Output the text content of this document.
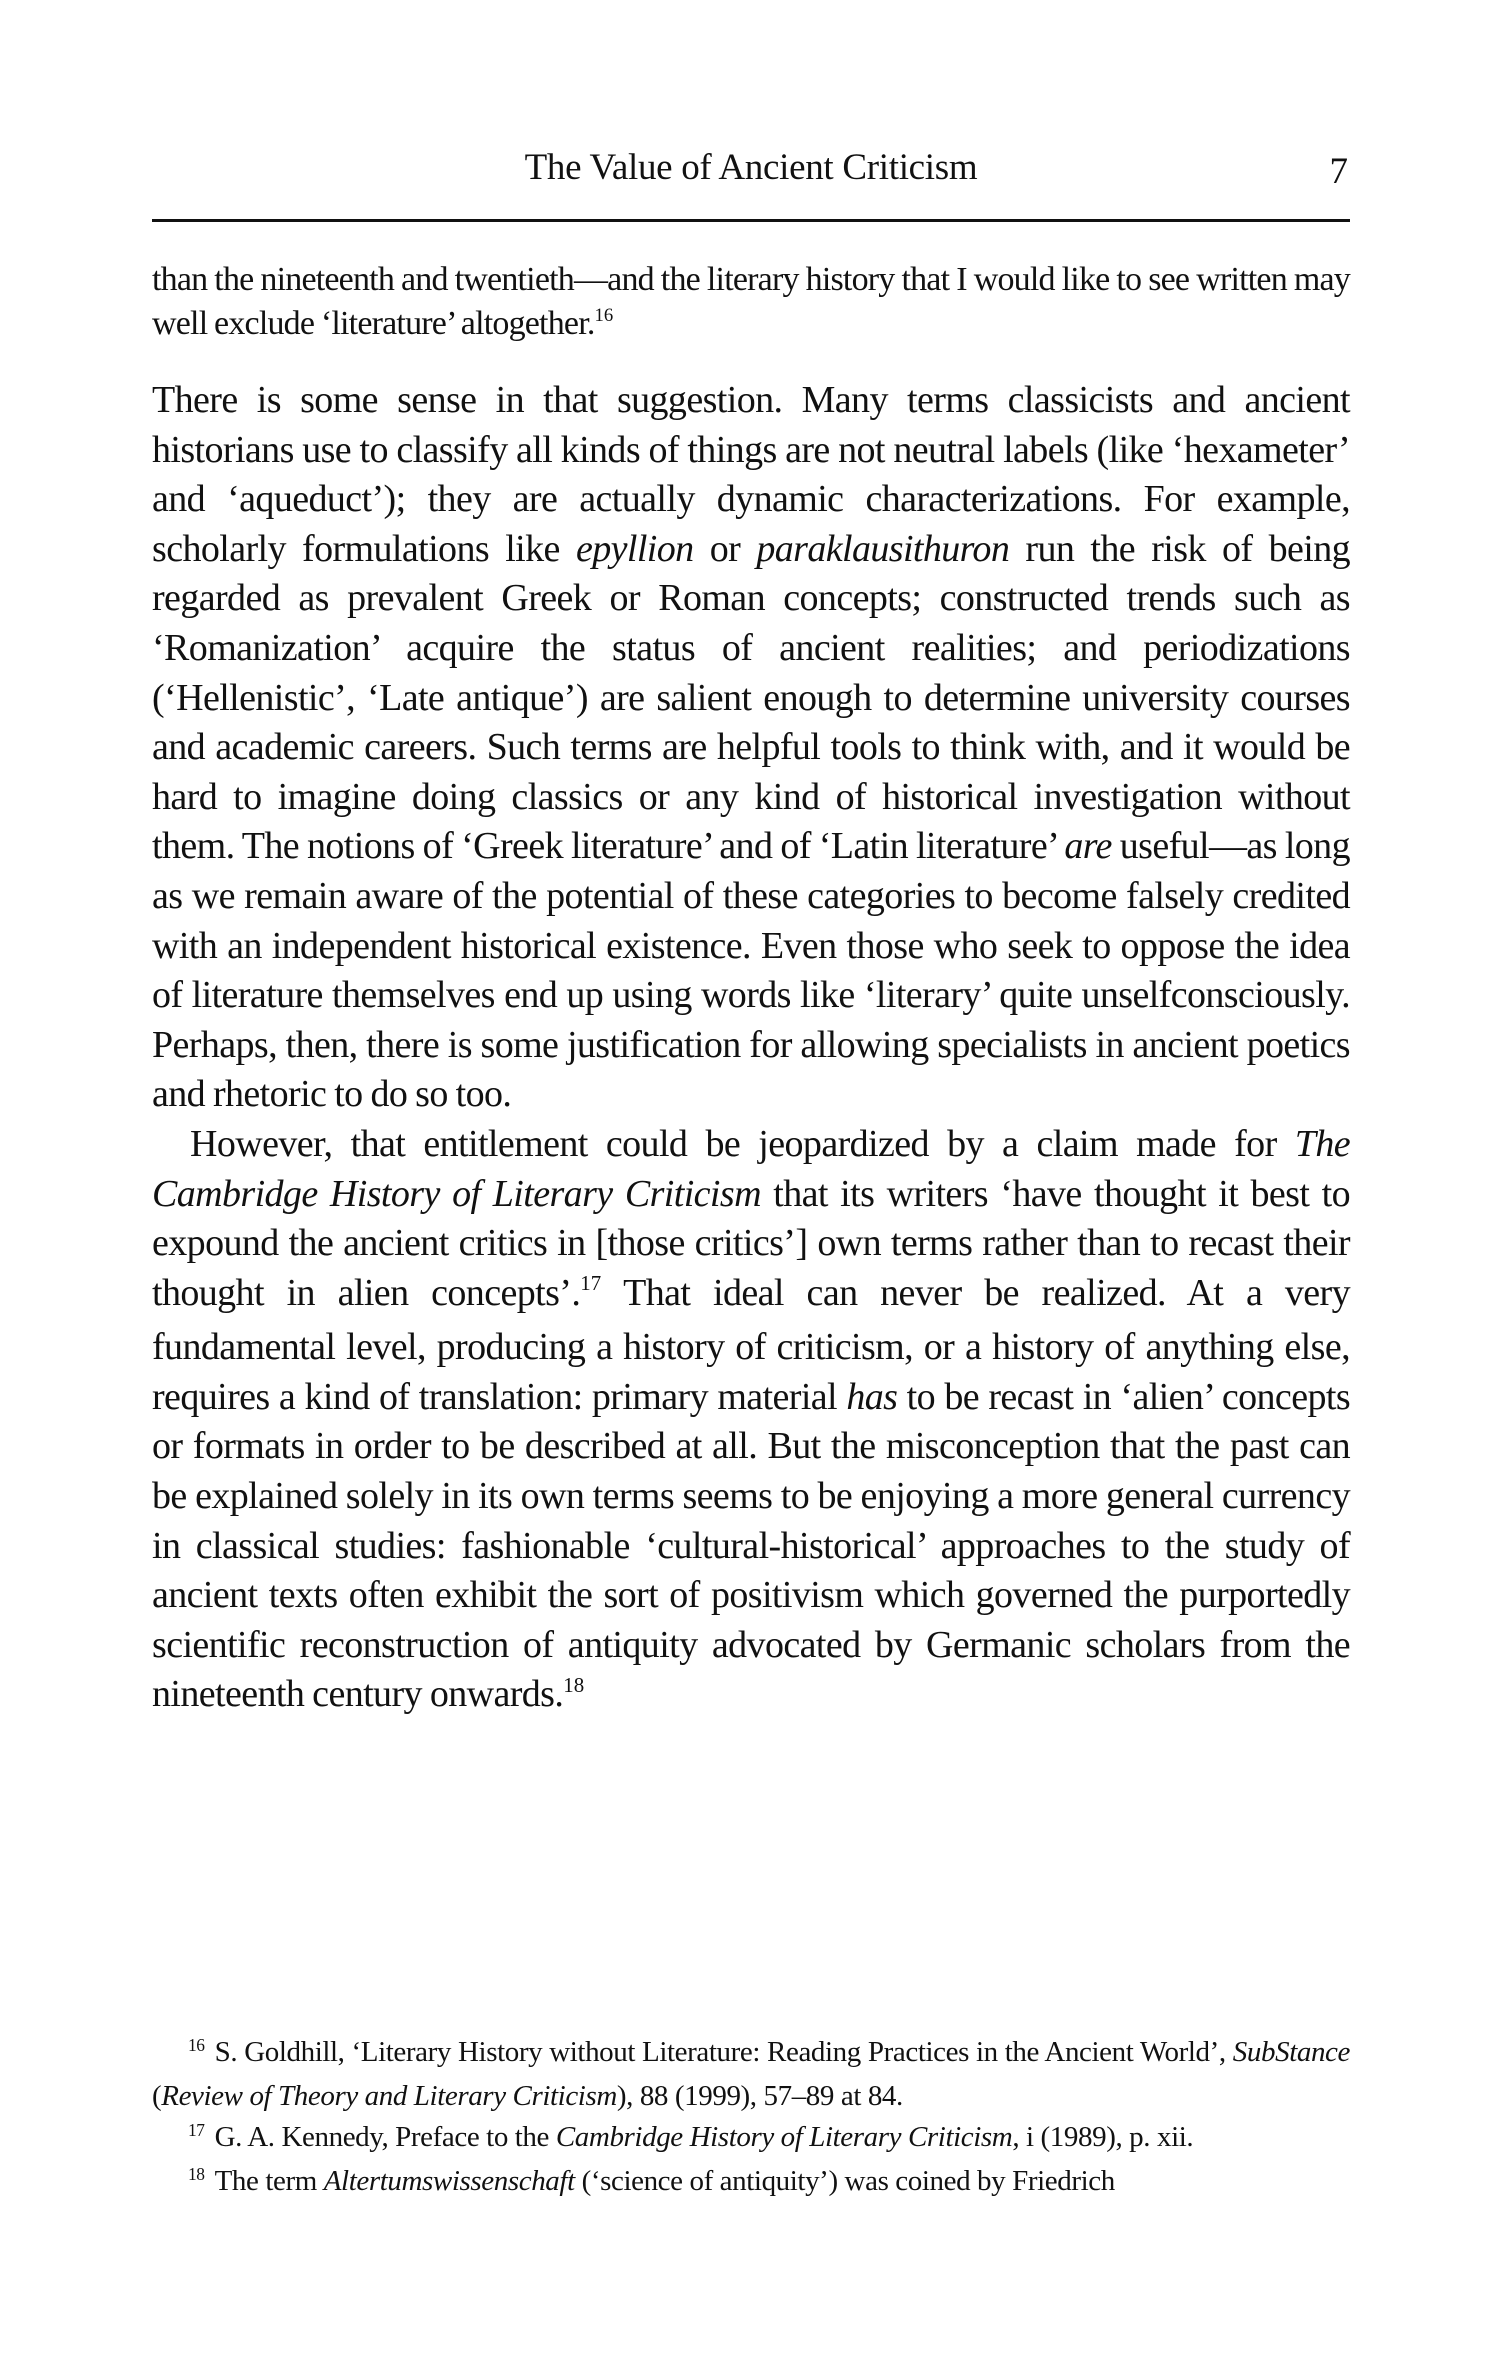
The Value of Ancient Criticism	7

than the nineteenth and twentieth—and the literary history that I would like to see written may well exclude ‘literature’ altogether.$^{16}$

There is some sense in that suggestion. Many terms classicists and ancient historians use to classify all kinds of things are not neutral labels (like ‘hexameter’ and ‘aqueduct’); they are actually dynamic characterizations. For example, scholarly formulations like epyllion or paraklausithuron run the risk of being regarded as prevalent Greek or Roman concepts; constructed trends such as ‘Romanization’ acquire the status of ancient realities; and periodizations (‘Hellenistic’, ‘Late antique’) are salient enough to determine university courses and academic careers. Such terms are helpful tools to think with, and it would be hard to imagine doing classics or any kind of historical investigation without them. The notions of ‘Greek literature’ and of ‘Latin literature’ are useful—as long as we remain aware of the potential of these categories to become falsely credited with an independent historical existence. Even those who seek to oppose the idea of literature themselves end up using words like ‘literary’ quite unselfconsciously. Perhaps, then, there is some justification for allowing specialists in ancient poetics and rhetoric to do so too.

However, that entitlement could be jeopardized by a claim made for The Cambridge History of Literary Criticism that its writers ‘have thought it best to expound the ancient critics in [those critics’] own terms rather than to recast their thought in alien concepts’.$^{17}$ That ideal can never be realized. At a very fundamental level, producing a history of criticism, or a history of anything else, requires a kind of translation: primary material has to be recast in ‘alien’ concepts or formats in order to be described at all. But the misconception that the past can be explained solely in its own terms seems to be enjoying a more general currency in classical studies: fashionable ‘cultural-historical’ approaches to the study of ancient texts often exhibit the sort of positivism which governed the purportedly scientific reconstruction of antiquity advocated by Germanic scholars from the nineteenth century onwards.$^{18}$

$^{16}$ S. Goldhill, ‘Literary History without Literature: Reading Practices in the Ancient World’, SubStance (Review of Theory and Literary Criticism), 88 (1999), 57–89 at 84.

$^{17}$ G. A. Kennedy, Preface to the Cambridge History of Literary Criticism, i (1989), p. xii.

$^{18}$ The term Altertumswissenschaft (‘science of antiquity’) was coined by Friedrich
